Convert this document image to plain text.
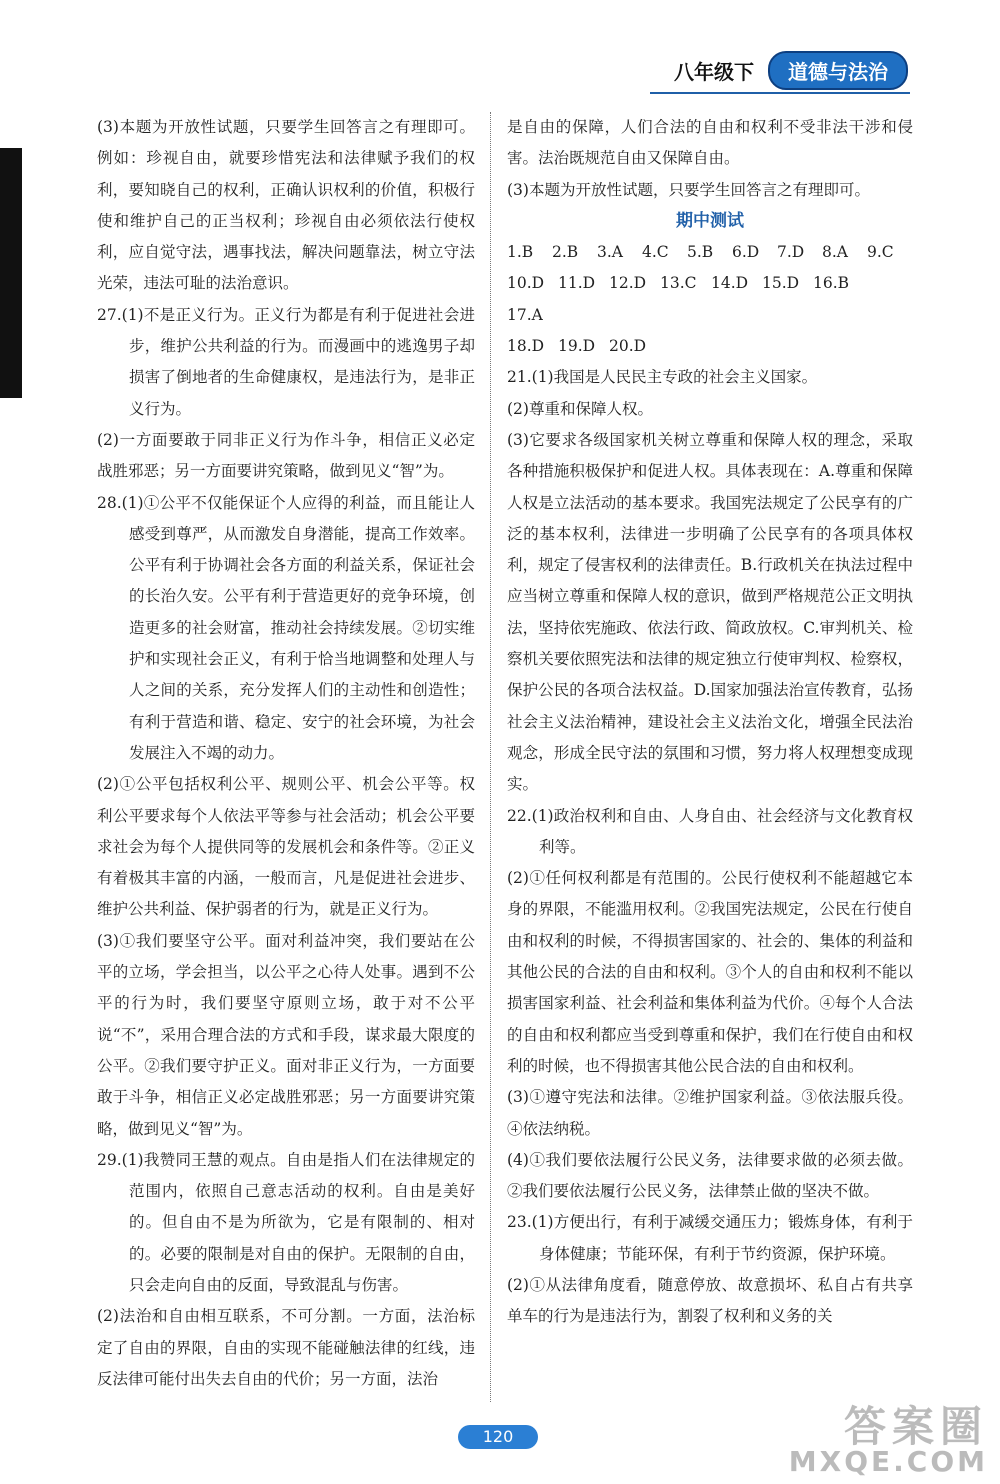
八年级下	道德与法治

(3)本题为开放性试题，只要学生回答言之有理即可。例如：珍视自由，就要珍惜宪法和法律赋予我们的权利，要知晓自己的权利，正确认识权利的价值，积极行使和维护自己的正当权利；珍视自由必须依法行使权利，应自觉守法，遇事找法，解决问题靠法，树立守法光荣，违法可耻的法治意识。

27.(1)不是正义行为。正义行为都是有利于促进社会进步，维护公共利益的行为。而漫画中的逃逸男子却损害了倒地者的生命健康权，是违法行为，是非正义行为。

(2)一方面要敢于同非正义行为作斗争，相信正义必定战胜邪恶；另一方面要讲究策略，做到见义“智”为。

28.(1)①公平不仅能保证个人应得的利益，而且能让人感受到尊严，从而激发自身潜能，提高工作效率。公平有利于协调社会各方面的利益关系，保证社会的长治久安。公平有利于营造更好的竞争环境，创造更多的社会财富，推动社会持续发展。②切实维护和实现社会正义，有利于恰当地调整和处理人与人之间的关系，充分发挥人们的主动性和创造性；有利于营造和谐、稳定、安宁的社会环境，为社会发展注入不竭的动力。

(2)①公平包括权利公平、规则公平、机会公平等。权利公平要求每个人依法平等参与社会活动；机会公平要求社会为每个人提供同等的发展机会和条件等。②正义有着极其丰富的内涵，一般而言，凡是促进社会进步、维护公共利益、保护弱者的行为，就是正义行为。

(3)①我们要坚守公平。面对利益冲突，我们要站在公平的立场，学会担当，以公平之心待人处事。遇到不公平的行为时，我们要坚守原则立场，敢于对不公平说“不”，采用合理合法的方式和手段，谋求最大限度的公平。②我们要守护正义。面对非正义行为，一方面要敢于斗争，相信正义必定战胜邪恶；另一方面要讲究策略，做到见义“智”为。

29.(1)我赞同王慧的观点。自由是指人们在法律规定的范围内，依照自己意志活动的权利。自由是美好的。但自由不是为所欲为，它是有限制的、相对的。必要的限制是对自由的保护。无限制的自由，只会走向自由的反面，导致混乱与伤害。

(2)法治和自由相互联系，不可分割。一方面，法治标定了自由的界限，自由的实现不能碰触法律的红线，违反法律可能付出失去自由的代价；另一方面，法治

是自由的保障，人们合法的自由和权利不受非法干涉和侵害。法治既规范自由又保障自由。

(3)本题为开放性试题，只要学生回答言之有理即可。

期中测试

1.B	2.B	3.A	4.C	5.B	6.D	7.D	8.A	9.C
10.D 11.D 12.D 13.C 14.D 15.D 16.B
17.A
18.D 19.D 20.D

21.(1)我国是人民民主专政的社会主义国家。

(2)尊重和保障人权。

(3)它要求各级国家机关树立尊重和保障人权的理念，采取各种措施积极保护和促进人权。具体表现在：A.尊重和保障人权是立法活动的基本要求。我国宪法规定了公民享有的广泛的基本权利，法律进一步明确了公民享有的各项具体权利，规定了侵害权利的法律责任。B.行政机关在执法过程中应当树立尊重和保障人权的意识，做到严格规范公正文明执法，坚持依宪施政、依法行政、简政放权。C.审判机关、检察机关要依照宪法和法律的规定独立行使审判权、检察权，保护公民的各项合法权益。D.国家加强法治宣传教育，弘扬社会主义法治精神，建设社会主义法治文化，增强全民法治观念，形成全民守法的氛围和习惯，努力将人权理想变成现实。

22.(1)政治权利和自由、人身自由、社会经济与文化教育权利等。

(2)①任何权利都是有范围的。公民行使权利不能超越它本身的界限，不能滥用权利。②我国宪法规定，公民在行使自由和权利的时候，不得损害国家的、社会的、集体的利益和其他公民的合法的自由和权利。③个人的自由和权利不能以损害国家利益、社会利益和集体利益为代价。④每个人合法的自由和权利都应当受到尊重和保护，我们在行使自由和权利的时候，也不得损害其他公民合法的自由和权利。

(3)①遵守宪法和法律。②维护国家利益。③依法服兵役。④依法纳税。

(4)①我们要依法履行公民义务，法律要求做的必须去做。②我们要依法履行公民义务，法律禁止做的坚决不做。

23.(1)方便出行，有利于减缓交通压力；锻炼身体，有利于身体健康；节能环保，有利于节约资源，保护环境。

(2)①从法律角度看，随意停放、故意损坏、私自占有共享单车的行为是违法行为，割裂了权利和义务的关

120	答案圈
MXQE.COM
